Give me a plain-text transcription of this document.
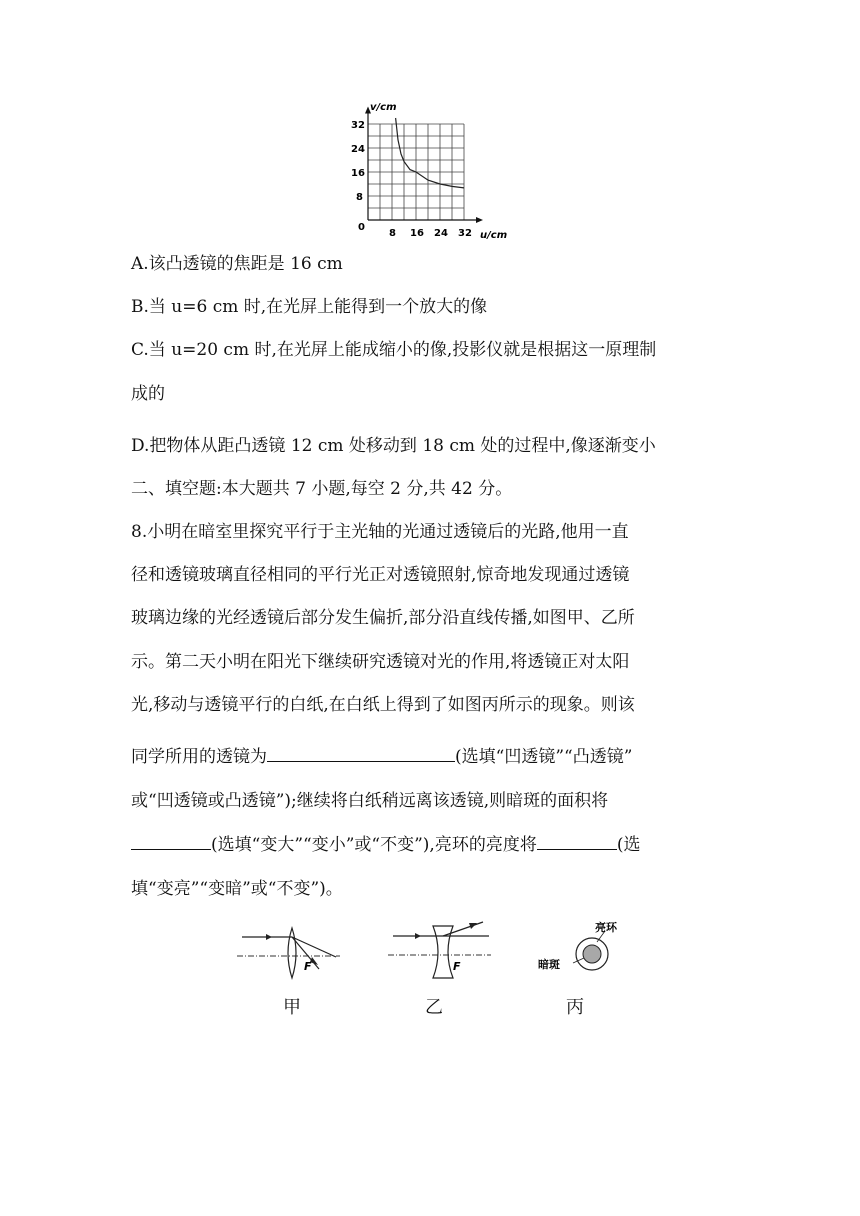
v/cm
u/cm
0
32
24
16
8
8 16 24 32
A.该凸透镜的焦距是 16 cm
B.当 u=6 cm 时,在光屏上能得到一个放大的像
C.当 u=20 cm 时,在光屏上能成缩小的像,投影仪就是根据这一原理制
成的
D.把物体从距凸透镜 12 cm 处移动到 18 cm 处的过程中,像逐渐变小
二、填空题:本大题共 7 小题,每空 2 分,共 42 分。
8.小明在暗室里探究平行于主光轴的光通过透镜后的光路,他用一直
径和透镜玻璃直径相同的平行光正对透镜照射,惊奇地发现通过透镜
玻璃边缘的光经透镜后部分发生偏折,部分沿直线传播,如图甲、乙所
示。第二天小明在阳光下继续研究透镜对光的作用,将透镜正对太阳
光,移动与透镜平行的白纸,在白纸上得到了如图丙所示的现象。则该
同学所用的透镜为	(选填“凹透镜”“凸透镜”
或“凹透镜或凸透镜”);继续将白纸稍远离该透镜,则暗斑的面积将
(选填“变大”“变小”或“不变”),亮环的亮度将	(选
填“变亮”“变暗”或“不变”)。
F	F
亮环
暗斑
甲	乙	丙
